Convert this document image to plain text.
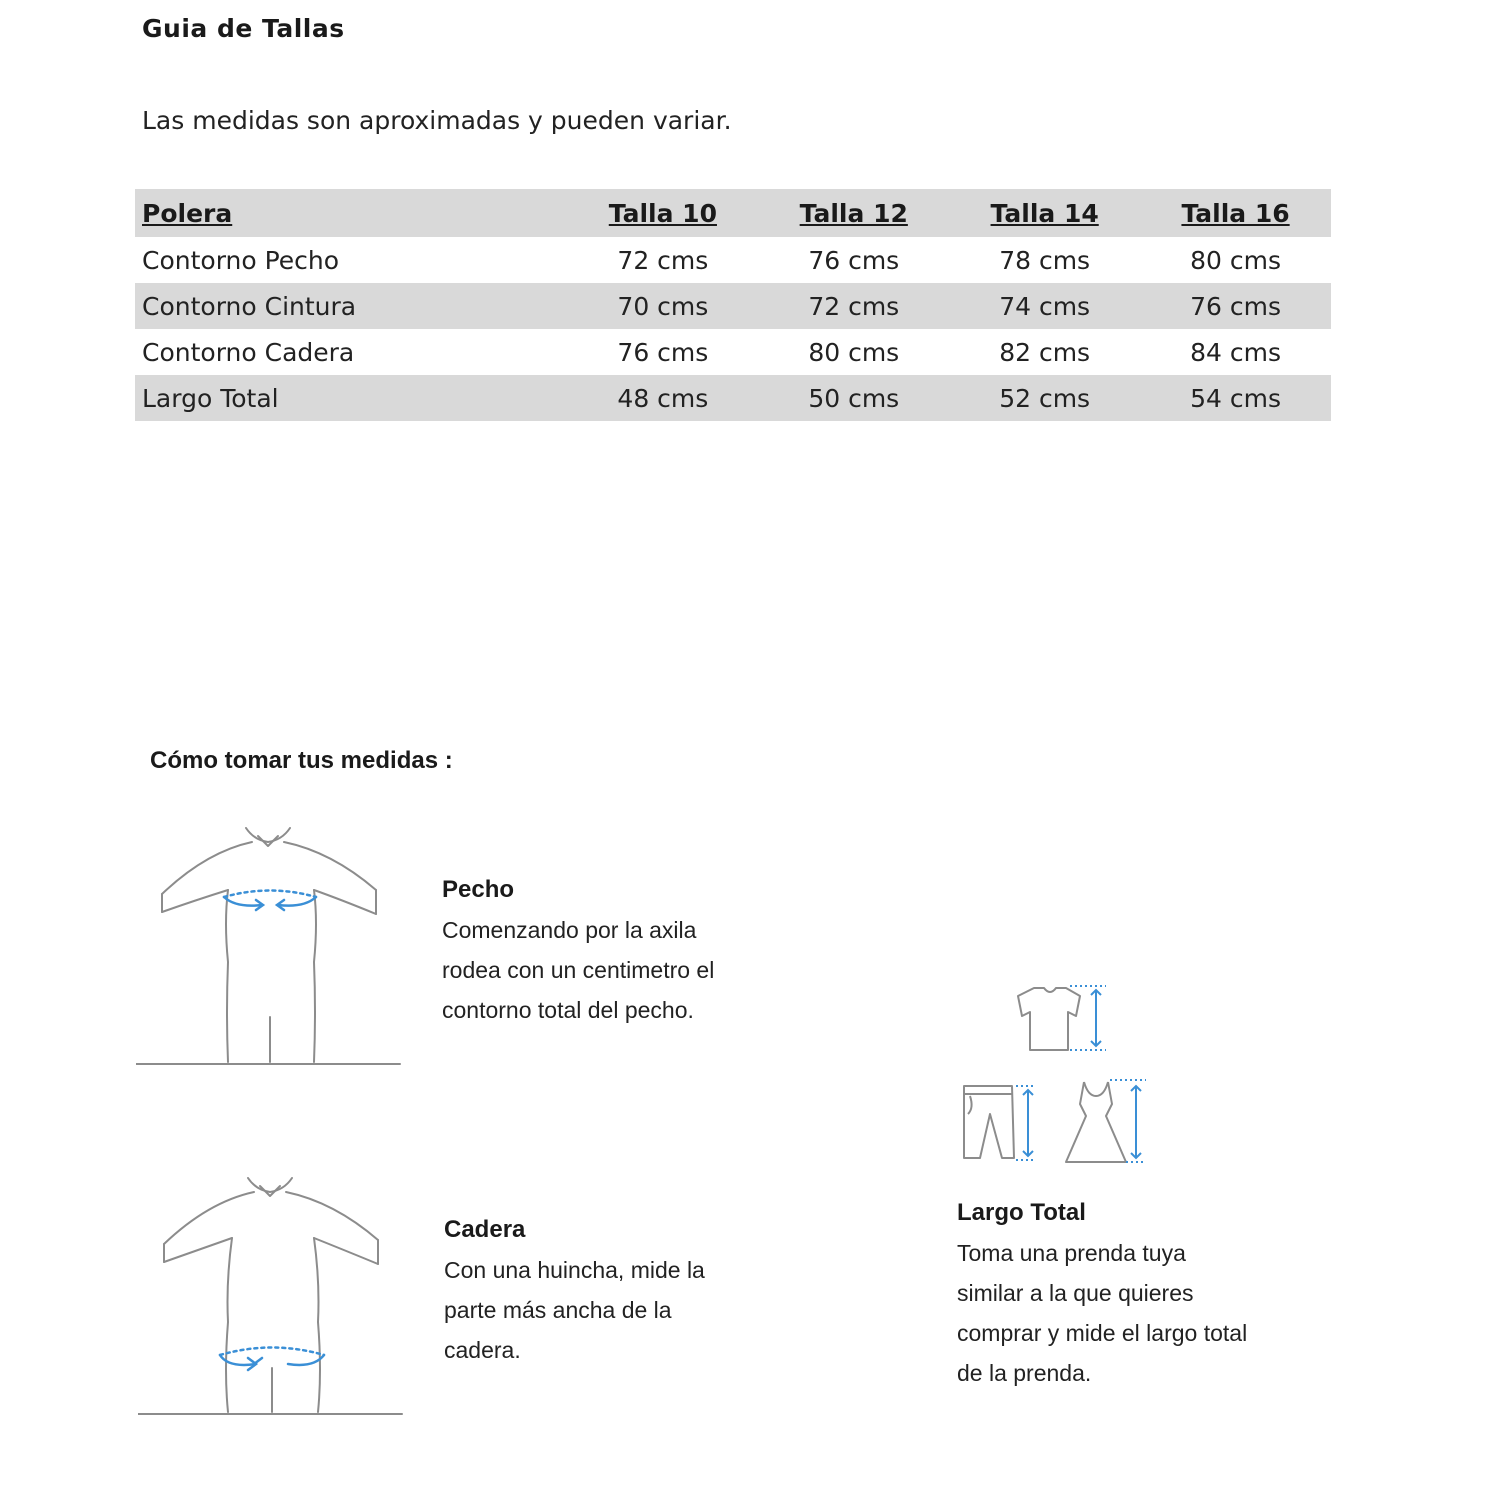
Guia de Tallas
Las medidas son aproximadas y pueden variar.
Polera	Talla 10	Talla 12	Talla 14	Talla 16
Contorno Pecho	72 cms	76 cms	78 cms	80 cms
Contorno Cintura	70 cms	72 cms	74 cms	76 cms
Contorno Cadera	76 cms	80 cms	82 cms	84 cms
Largo Total	48 cms	50 cms	52 cms	54 cms
Cómo tomar tus medidas :
Pecho
Comenzando por la axila
rodea con un centimetro el
contorno total del pecho.
Cadera
Con una huincha, mide la
parte más ancha de la
cadera.
Largo Total
Toma una prenda tuya
similar a la que quieres
comprar y mide el largo total
de la prenda.
